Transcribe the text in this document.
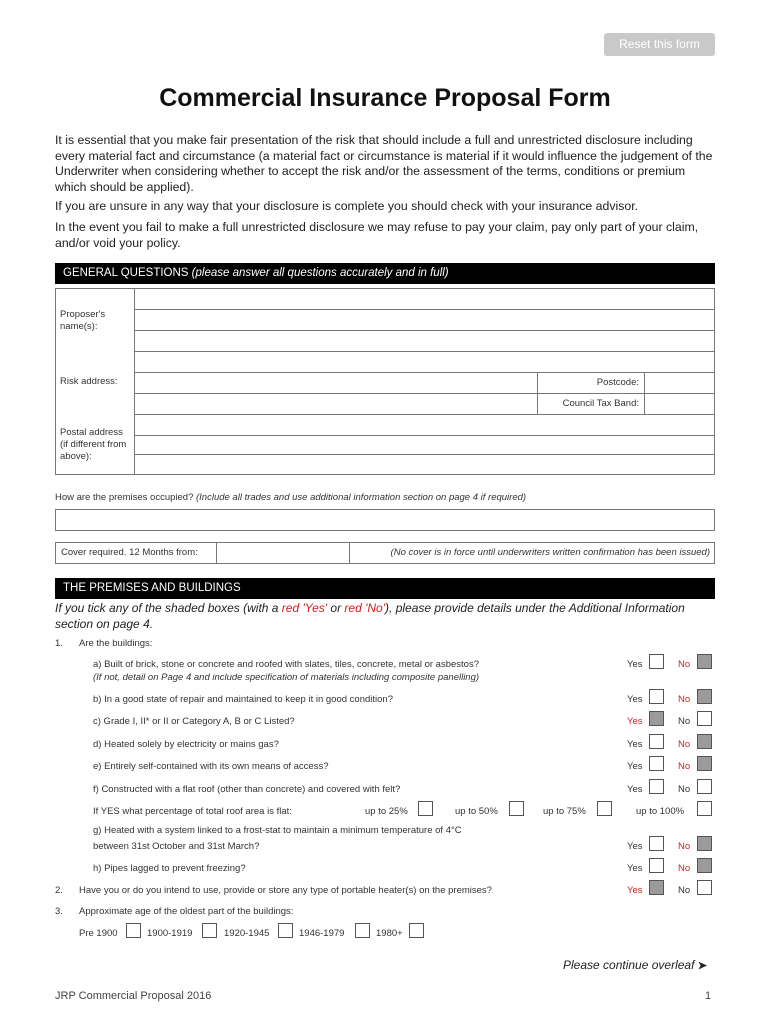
Reset this form
Commercial Insurance Proposal Form

It is essential that you make fair presentation of the risk that should include a full and unrestricted disclosure including every material fact and circumstance (a material fact or circumstance is material if it would influence the judgement of the Underwriter when considering whether to accept the risk and/or the assessment of the terms, conditions or premium which should be applied).

If you are unsure in any way that your disclosure is complete you should check with your insurance advisor.

In the event you fail to make a full unrestricted disclosure we may refuse to pay your claim, pay only part of your claim, and/or void your policy.

GENERAL QUESTIONS (please answer all questions accurately and in full)
Proposer's name(s):
Risk address:	Postcode:
Council Tax Band:
Postal address (if different from above):
How are the premises occupied? (Include all trades and use additional information section on page 4 if required)
Cover required. 12 Months from:	(No cover is in force until underwriters written confirmation has been issued)
THE PREMISES AND BUILDINGS

If you tick any of the shaded boxes (with a red 'Yes' or red 'No'), please provide details under the Additional Information section on page 4.

1. Are the buildings:
a) Built of brick, stone or concrete and roofed with slates, tiles, concrete, metal or asbestos?
(If not, detail on Page 4 and include specification of materials including composite panelling)
Yes	No
b) In a good state of repair and maintained to keep it in good condition?	Yes	No
c) Grade I, II* or II or Category A, B or C Listed?	Yes	No
d) Heated solely by electricity or mains gas?	Yes	No
e) Entirely self-contained with its own means of access?	Yes	No
f) Constructed with a flat roof (other than concrete) and covered with felt?	Yes	No
If YES what percentage of total roof area is flat:	up to 25%	up to 50%	up to 75%	up to 100%
g) Heated with a system linked to a frost-stat to maintain a minimum temperature of 4°C
between 31st October and 31st March?	Yes	No
h) Pipes lagged to prevent freezing?	Yes	No
2. Have you or do you intend to use, provide or store any type of portable heater(s) on the premises?	Yes	No
3. Approximate age of the oldest part of the buildings:
Pre 1900	1900-1919	1920-1945	1946-1979	1980+
Please continue overleaf ➤
JRP Commercial Proposal 2016	1
